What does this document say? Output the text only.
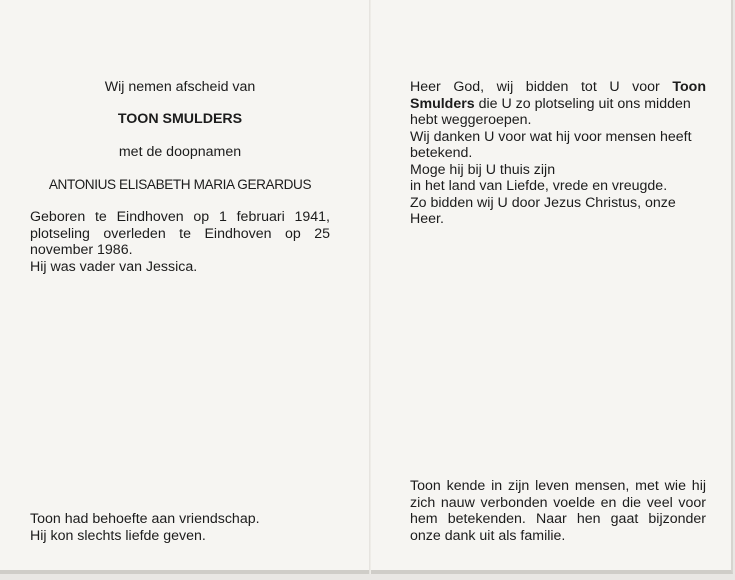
Wij nemen afscheid van
TOON SMULDERS
met de doopnamen
ANTONIUS ELISABETH MARIA GERARDUS
Geboren te Eindhoven op 1 februari 1941,
plotseling overleden te Eindhoven op 25
november 1986.
Hij was vader van Jessica.
Toon had behoefte aan vriendschap.
Hij kon slechts liefde geven.
Heer God, wij bidden tot U voor Toon
Smulders die U zo plotseling uit ons midden
hebt weggeroepen.
Wij danken U voor wat hij voor mensen heeft
betekend.
Moge hij bij U thuis zijn
in het land van Liefde, vrede en vreugde.
Zo bidden wij U door Jezus Christus, onze
Heer.
Toon kende in zijn leven mensen, met wie hij
zich nauw verbonden voelde en die veel voor
hem betekenden. Naar hen gaat bijzonder
onze dank uit als familie.
